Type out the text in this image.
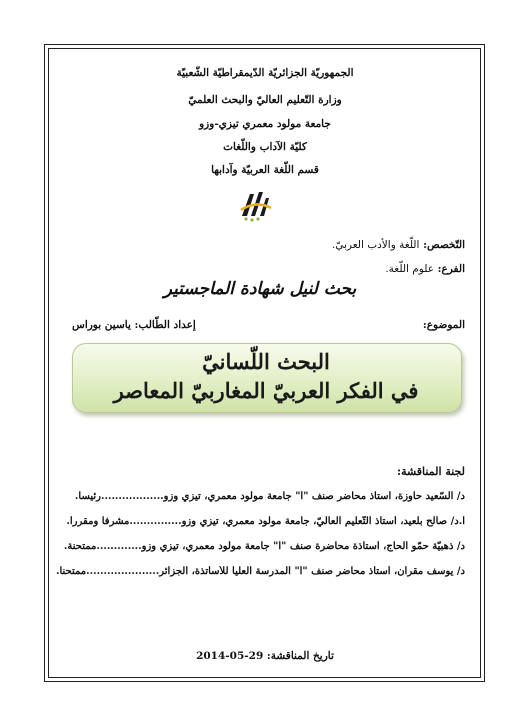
الجمهوريّة الجزائريّة الدّيمقراطيّة الشّعبيّة
وزارة التّعليم العاليّ والبحث العلميّ
جامعة مولود معمري تيزي-وزو
كليّة الآداب واللّغات
قسم اللّغة العربيّة وآدابها
التّخصص: اللّغة والأدب العربيّ.
الفرع: علوم اللّغة.
بحث لنيل شهادة الماجستير
الموضوع:
إعداد الطّالب: ياسين بوراس
البحث اللّسانيّ
في الفكر العربيّ المغاربيّ المعاصر
لجنة المناقشة:
د/ السّعيد حاوزة، أستاذ محاضر صنف "أ" جامعة مولود معمري، تيزي وزو..................رئيسا.
أ.د/ صالح بلعيد، أستاذ التّعليم العاليّ، جامعة مولود معمري، تيزي وزو...............مشرفا ومقررا.
د/ ذهبيّة حمّو الحاج، أستاذة محاضرة صنف "أ" جامعة مولود معمري، تيزي وزو.............ممتحنة.
د/ يوسف مقران، أستاذ محاضر صنف "أ" المدرسة العليا للأساتذة، الجزائر.....................ممتحنا.
تاريخ المناقشة: 29-05-2014
